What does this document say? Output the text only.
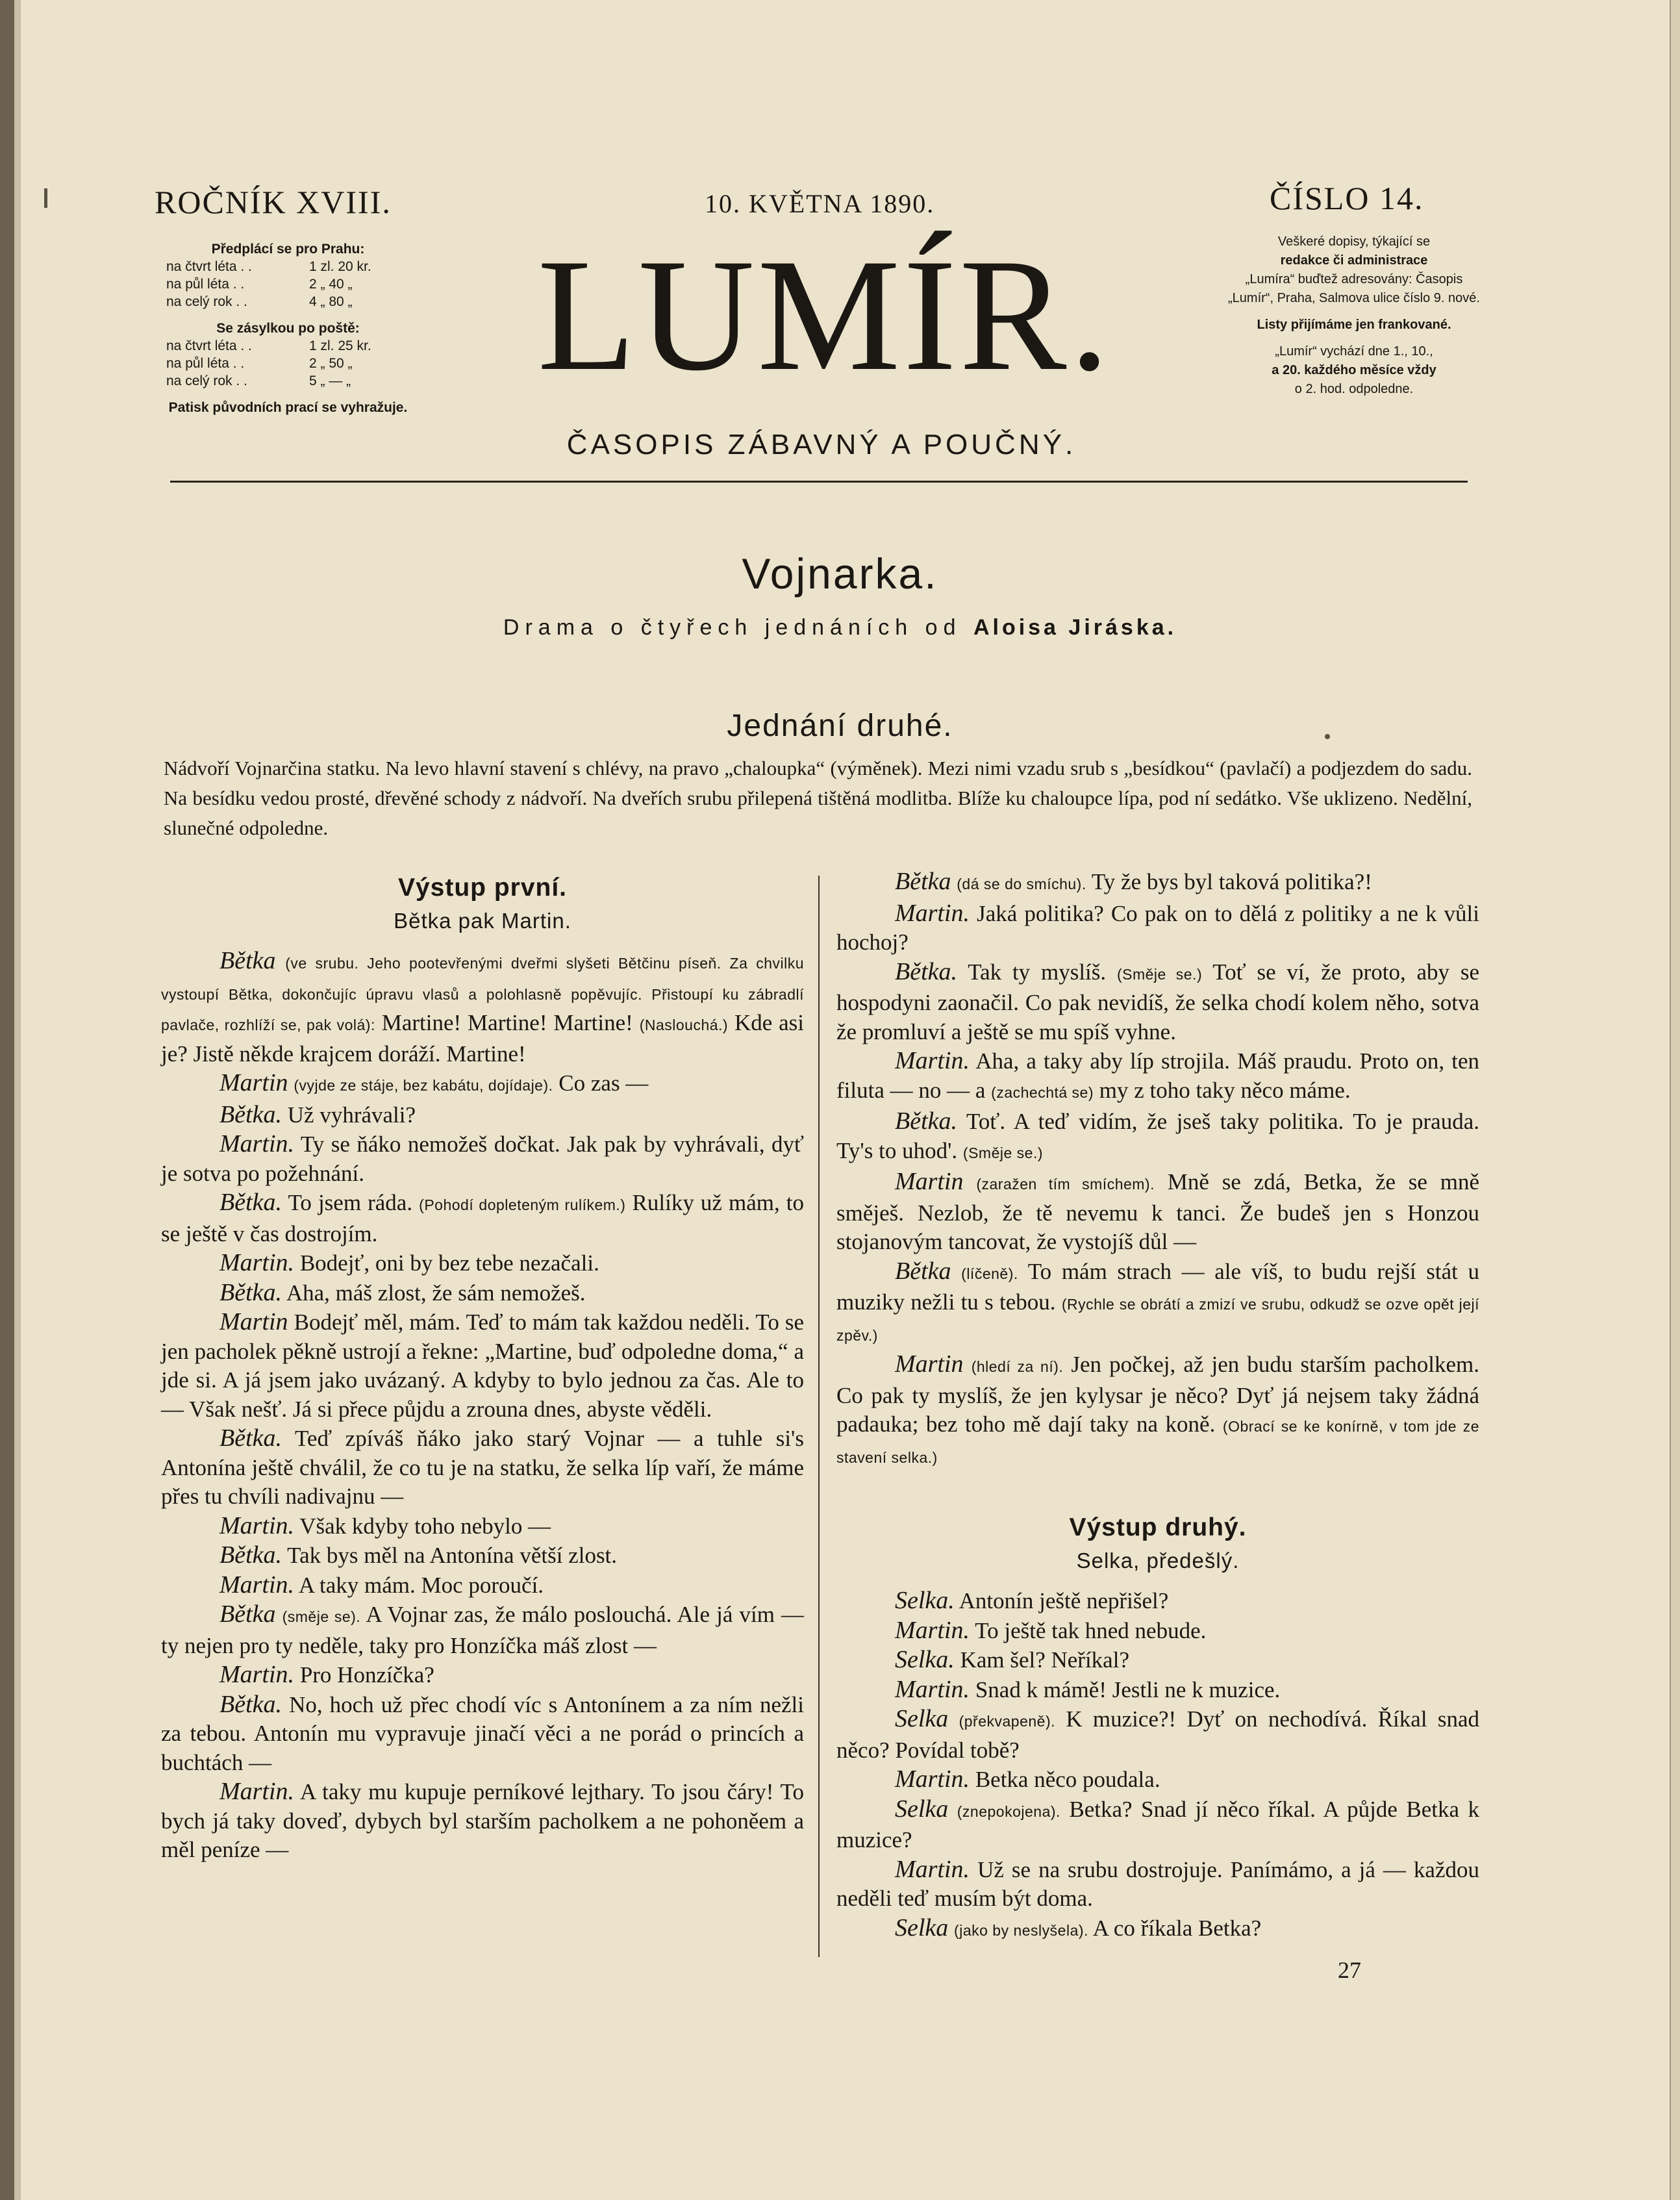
ROČNÍK XVIII.	10. KVĚTNA 1890.	ČÍSLO 14.
Předplácí se pro Prahu:
na čtvrt léta . .	1 zl. 20 kr.
na půl léta . .	2 „ 40 „
na celý rok . .	4 „ 80 „
Se zásylkou po poště:
na čtvrt léta . .	1 zl. 25 kr.
na půl léta . .	2 „ 50 „
na celý rok . .	5 „ — „
Patisk původních prací se vyhražuje.
LUMÍR.
ČASOPIS ZÁBAVNÝ A POUČNÝ.
Veškeré dopisy, týkající se
redakce či administrace
„Lumíra“ buďtež adresovány: Časopis „Lumír“, Praha, Salmova ulice číslo 9. nové.
Listy přijímáme jen frankované.
„Lumír“ vychází dne 1., 10.,
a 20. každého měsíce vždy
o 2. hod. odpoledne.
Vojnarka.
Drama o čtyřech jednáních od Aloisa Jiráska.
Jednání druhé.

Nádvoří Vojnarčina statku. Na levo hlavní stavení s chlévy, na pravo „chaloupka“ (výměnek). Mezi nimi vzadu srub s „besídkou“ (pavlačí) a podjezdem do sadu. Na besídku vedou prosté, dřevěné schody z nádvoří. Na dveřích srubu přilepená tištěná modlitba. Blíže ku chaloupce lípa, pod ní sedátko. Vše uklizeno. Nedělní, slunečné odpoledne.

Výstup první.
Bětka pak Martin.

Bětka (ve srubu. Jeho pootevřenými dveřmi slyšeti Bětčinu píseň. Za chvilku vystoupí Bětka, dokončujíc úpravu vlasů a polohlasně popěvujíc. Přistoupí ku zábradlí pavlače, rozhlíží se, pak volá): Martine! Martine! Martine! (Naslouchá.) Kde asi je? Jistě někde krajcem doráží. Martine!

Martin (vyjde ze stáje, bez kabátu, dojídaje). Co zas —

Bětka. Už vyhrávali?

Martin. Ty se ňáko nemožeš dočkat. Jak pak by vyhrávali, dyť je sotva po požehnání.

Bětka. To jsem ráda. (Pohodí dopleteným rulíkem.) Rulíky už mám, to se ještě v čas dostrojím.

Martin. Bodejť, oni by bez tebe nezačali.

Bětka. Aha, máš zlost, že sám nemožeš.

Martin Bodejť měl, mám. Teď to mám tak každou neděli. To se jen pacholek pěkně ustrojí a řekne: „Martine, buď odpoledne doma,“ a jde si. A já jsem jako uvázaný. A kdyby to bylo jednou za čas. Ale to — Však nešť. Já si přece půjdu a zrouna dnes, abyste věděli.

Bětka. Teď zpíváš ňáko jako starý Vojnar — a tuhle si's Antonína ještě chválil, že co tu je na statku, že selka líp vaří, že máme přes tu chvíli nadivajnu —

Martin. Však kdyby toho nebylo —

Bětka. Tak bys měl na Antonína větší zlost.

Martin. A taky mám. Moc poroučí.

Bětka (směje se). A Vojnar zas, že málo poslouchá. Ale já vím — ty nejen pro ty neděle, taky pro Honzíčka máš zlost —

Martin. Pro Honzíčka?

Bětka. No, hoch už přec chodí víc s Antonínem a za ním nežli za tebou. Antonín mu vypravuje jinačí věci a ne porád o princích a buchtách —

Martin. A taky mu kupuje perníkové lejthary. To jsou čáry! To bych já taky doveď, dybych byl starším pacholkem a ne pohoněem a měl peníze —

Bětka (dá se do smíchu). Ty že bys byl taková politika?!

Martin. Jaká politika? Co pak on to dělá z politiky a ne k vůli hochoj?

Bětka. Tak ty myslíš. (Směje se.) Toť se ví, že proto, aby se hospodyni zaonačil. Co pak nevidíš, že selka chodí kolem něho, sotva že promluví a ještě se mu spíš vyhne.

Martin. Aha, a taky aby líp strojila. Máš praudu. Proto on, ten filuta — no — a (zachechtá se) my z toho taky něco máme.

Bětka. Toť. A teď vidím, že jseš taky politika. To je prauda. Ty's to uhod'. (Směje se.)

Martin (zaražen tím smíchem). Mně se zdá, Betka, že se mně směješ. Nezlob, že tě nevemu k tanci. Že budeš jen s Honzou stojanovým tancovat, že vystojíš důl —

Bětka (líčeně). To mám strach — ale víš, to budu rejší stát u muziky nežli tu s tebou. (Rychle se obrátí a zmizí ve srubu, odkudž se ozve opět její zpěv.)

Martin (hledí za ní). Jen počkej, až jen budu starším pacholkem. Co pak ty myslíš, že jen kylysar je něco? Dyť já nejsem taky žádná padauka; bez toho mě dají taky na koně. (Obrací se ke konírně, v tom jde ze stavení selka.)

Výstup druhý.
Selka, předešlý.

Selka. Antonín ještě nepřišel?

Martin. To ještě tak hned nebude.

Selka. Kam šel? Neříkal?

Martin. Snad k mámě! Jestli ne k muzice.

Selka (překvapeně). K muzice?! Dyť on nechodívá. Říkal snad něco? Povídal tobě?

Martin. Betka něco poudala.

Selka (znepokojena). Betka? Snad jí něco říkal. A půjde Betka k muzice?

Martin. Už se na srubu dostrojuje. Panímámo, a já — každou neděli teď musím být doma.

Selka (jako by neslyšela). A co říkala Betka?

27
